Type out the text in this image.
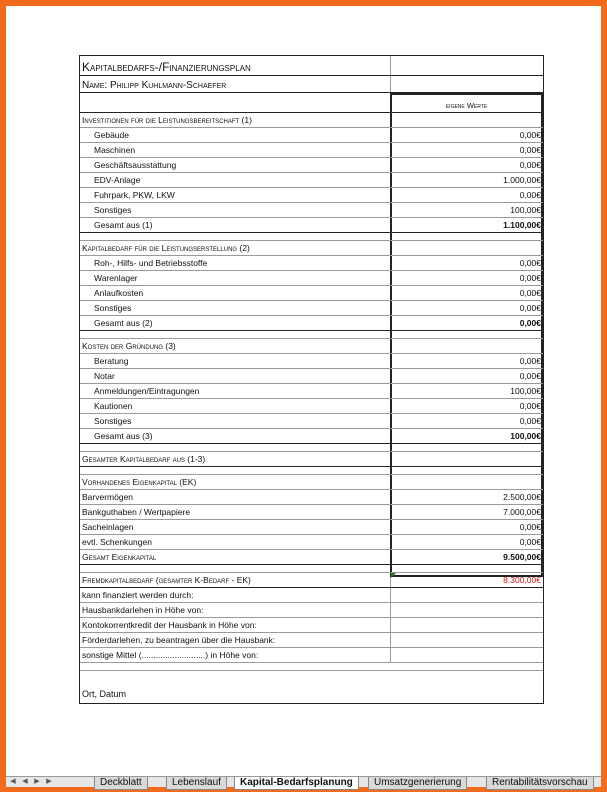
Kapitalbedarfs-/Finanzierungsplan
Name: Philipp Kuhlmann-Schaefer
eigene Werte
Investitionen für die Leistungsbereitschaft (1)
Gebäude	0,00€
Maschinen	0,00€
Geschäftsausstattung	0,00€
EDV-Anlage	1.000,00€
Fuhrpark, PKW, LKW	0,00€
Sonstiges	100,00€
Gesamt aus (1)	1.100,00€
Kapitalbedarf für die Leistungserstellung (2)
Roh-, Hilfs- und Betriebsstoffe	0,00€
Warenlager	0,00€
Anlaufkosten	0,00€
Sonstiges	0,00€
Gesamt aus (2)	0,00€
Kosten der Gründung (3)
Beratung	0,00€
Notar	0,00€
Anmeldungen/Eintragungen	100,00€
Kautionen	0,00€
Sonstiges	0,00€
Gesamt aus (3)	100,00€
Gesamter Kapitalbedarf aus (1-3)
Vorhandenes Eigenkapital (EK)
Barvermögen	2.500,00€
Bankguthaben / Wertpapiere	7.000,00€
Sacheinlagen	0,00€
evtl. Schenkungen	0,00€
Gesamt Eigenkapital	9.500,00€
Fremdkapitalbedarf (gesamter K-Bedarf - EK)	8.300,00€
kann finanziert werden durch:
Hausbankdarlehen in Höhe von:
Kontokorrentkredit der Hausbank in Höhe von:
Förderdarlehen, zu beantragen über die Hausbank:
sonstige Mittel (...........................) in Höhe von:
Ort, Datum
◀ ◀ ▶ ▶	Deckblatt	Lebenslauf	Kapital-Bedarfsplanung	Umsatzgenerierung	Rentabilitätsvorschau
